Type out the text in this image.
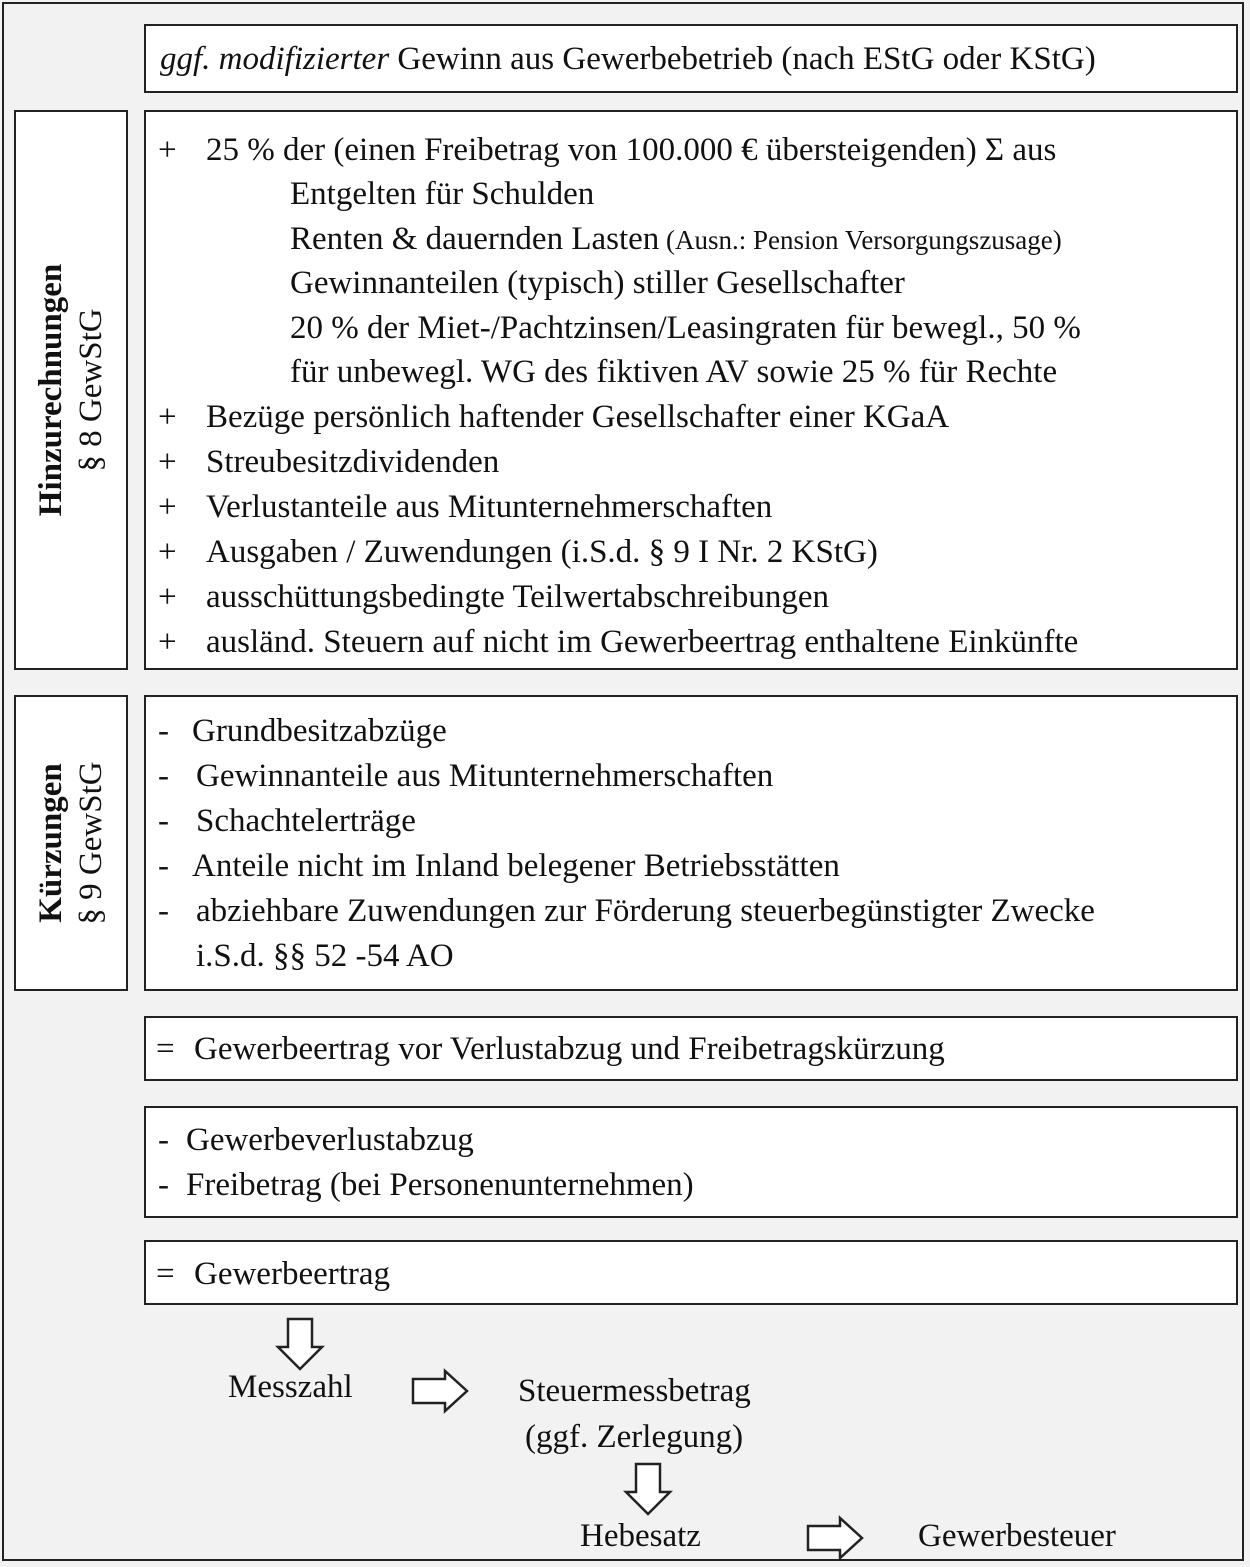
ggf. modifizierter Gewinn aus Gewerbebetrieb (nach EStG oder KStG)
Hinzurechnungen § 8 GewStG
+ 25 % der (einen Freibetrag von 100.000 € übersteigenden) Σ aus
Entgelten für Schulden
Renten & dauernden Lasten (Ausn.: Pension Versorgungszusage)
Gewinnanteilen (typisch) stiller Gesellschafter
20 % der Miet-/Pachtzinsen/Leasingraten für bewegl., 50 %
für unbewegl. WG des fiktiven AV sowie 25 % für Rechte
+ Bezüge persönlich haftender Gesellschafter einer KGaA
+ Streubesitzdividenden
+ Verlustanteile aus Mitunternehmerschaften
+ Ausgaben / Zuwendungen (i.S.d. § 9 I Nr. 2 KStG)
+ ausschüttungsbedingte Teilwertabschreibungen
+ ausländ. Steuern auf nicht im Gewerbeertrag enthaltene Einkünfte
Kürzungen § 9 GewStG
- Grundbesitzabzüge
- Gewinnanteile aus Mitunternehmerschaften
- Schachtelerträge
- Anteile nicht im Inland belegener Betriebsstätten
- abziehbare Zuwendungen zur Förderung steuerbegünstigter Zwecke
i.S.d. §§ 52 -54 AO
= Gewerbeertrag vor Verlustabzug und Freibetragskürzung
- Gewerbeverlustabzug
- Freibetrag (bei Personenunternehmen)
= Gewerbeertrag
Messzahl	Steuermessbetrag
(ggf. Zerlegung)
Hebesatz	Gewerbesteuer
